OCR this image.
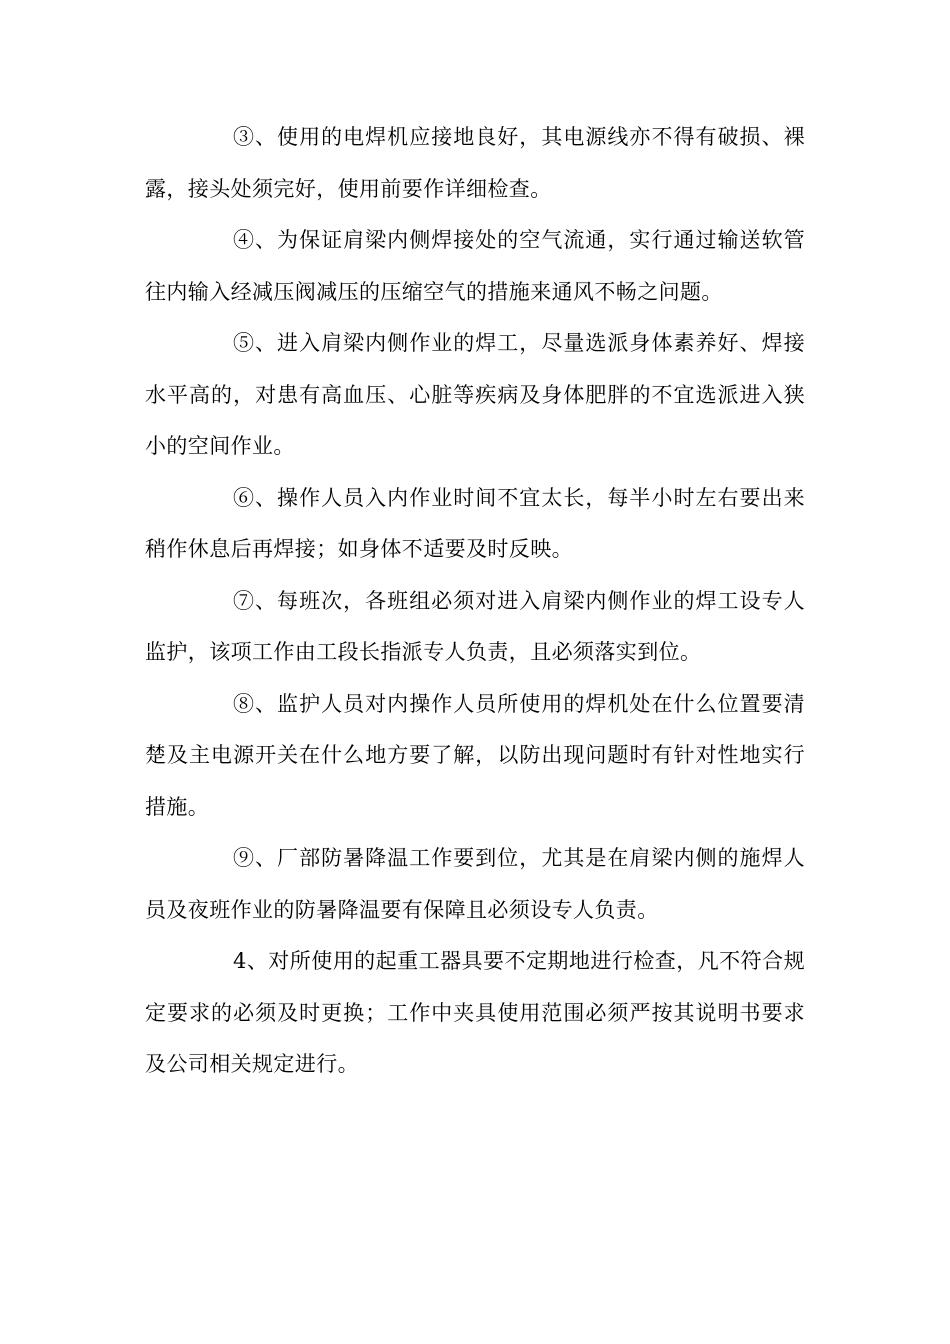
③、使用的电焊机应接地良好，其电源线亦不得有破损、裸露，接头处须完好，使用前要作详细检查。

④、为保证肩梁内侧焊接处的空气流通，实行通过输送软管往内输入经减压阀减压的压缩空气的措施来通风不畅之问题。

⑤、进入肩梁内侧作业的焊工，尽量选派身体素养好、焊接水平高的，对患有高血压、心脏等疾病及身体肥胖的不宜选派进入狭小的空间作业。

⑥、操作人员入内作业时间不宜太长，每半小时左右要出来稍作休息后再焊接；如身体不适要及时反映。

⑦、每班次，各班组必须对进入肩梁内侧作业的焊工设专人监护，该项工作由工段长指派专人负责，且必须落实到位。

⑧、监护人员对内操作人员所使用的焊机处在什么位置要清楚及主电源开关在什么地方要了解，以防出现问题时有针对性地实行措施。

⑨、厂部防暑降温工作要到位，尤其是在肩梁内侧的施焊人员及夜班作业的防暑降温要有保障且必须设专人负责。

4、对所使用的起重工器具要不定期地进行检查，凡不符合规定要求的必须及时更换；工作中夹具使用范围必须严按其说明书要求及公司相关规定进行。
